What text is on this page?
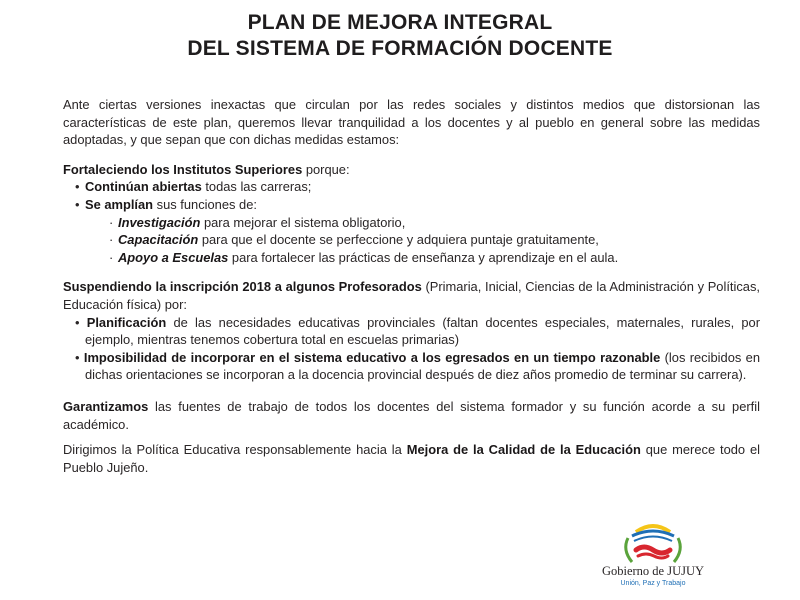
PLAN DE MEJORA INTEGRAL
DEL SISTEMA DE FORMACIÓN DOCENTE

Ante ciertas versiones inexactas que circulan por las redes sociales y distintos medios que distorsionan las características de este plan, queremos llevar tranquilidad a los docentes y al pueblo en general sobre las medidas adoptadas, y que sepan que con dichas medidas estamos:

Fortaleciendo los Institutos Superiores porque:

• Continúan abiertas todas las carreras;

• Se amplían sus funciones de:

· Investigación para mejorar el sistema obligatorio,

· Capacitación para que el docente se perfeccione y adquiera puntaje gratuitamente,

· Apoyo a Escuelas para fortalecer las prácticas de enseñanza y aprendizaje en el aula.

Suspendiendo la inscripción 2018 a algunos Profesorados (Primaria, Inicial, Ciencias de la Administración y Políticas, Educación física) por:

• Planificación de las necesidades educativas provinciales (faltan docentes especiales, maternales, rurales, por ejemplo, mientras tenemos cobertura total en escuelas primarias)

• Imposibilidad de incorporar en el sistema educativo a los egresados en un tiempo razonable (los recibidos en dichas orientaciones se incorporan a la docencia provincial después de diez años promedio de terminar su carrera).

Garantizamos las fuentes de trabajo de todos los docentes del sistema formador y su función acorde a su perfil académico.

Dirigimos la Política Educativa responsablemente hacia la Mejora de la Calidad de la Educación que merece todo el Pueblo Jujeño.

Gobierno de JUJUY
Unión, Paz y Trabajo
